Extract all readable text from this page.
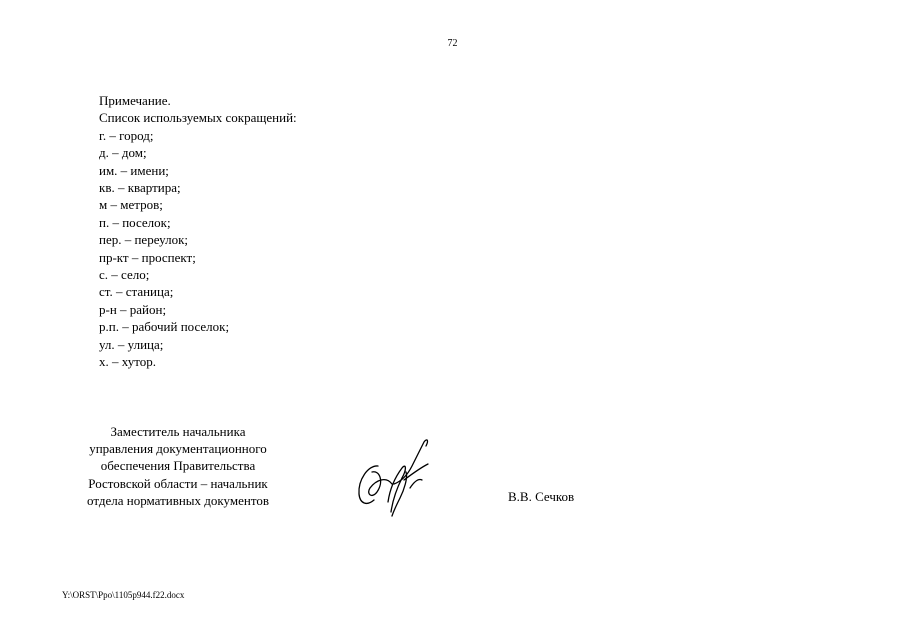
72
Примечание.
Список используемых сокращений:
г. – город;
д. – дом;
им. – имени;
кв. – квартира;
м – метров;
п. – поселок;
пер. – переулок;
пр-кт – проспект;
с. – село;
ст. – станица;
р-н – район;
р.п. – рабочий поселок;
ул. – улица;
х. – хутор.
Заместитель начальника
управления документационного
обеспечения Правительства
Ростовской области – начальник
отдела нормативных документов	В.В. Сечков
Y:\ORST\Ppo\1105p944.f22.docx
